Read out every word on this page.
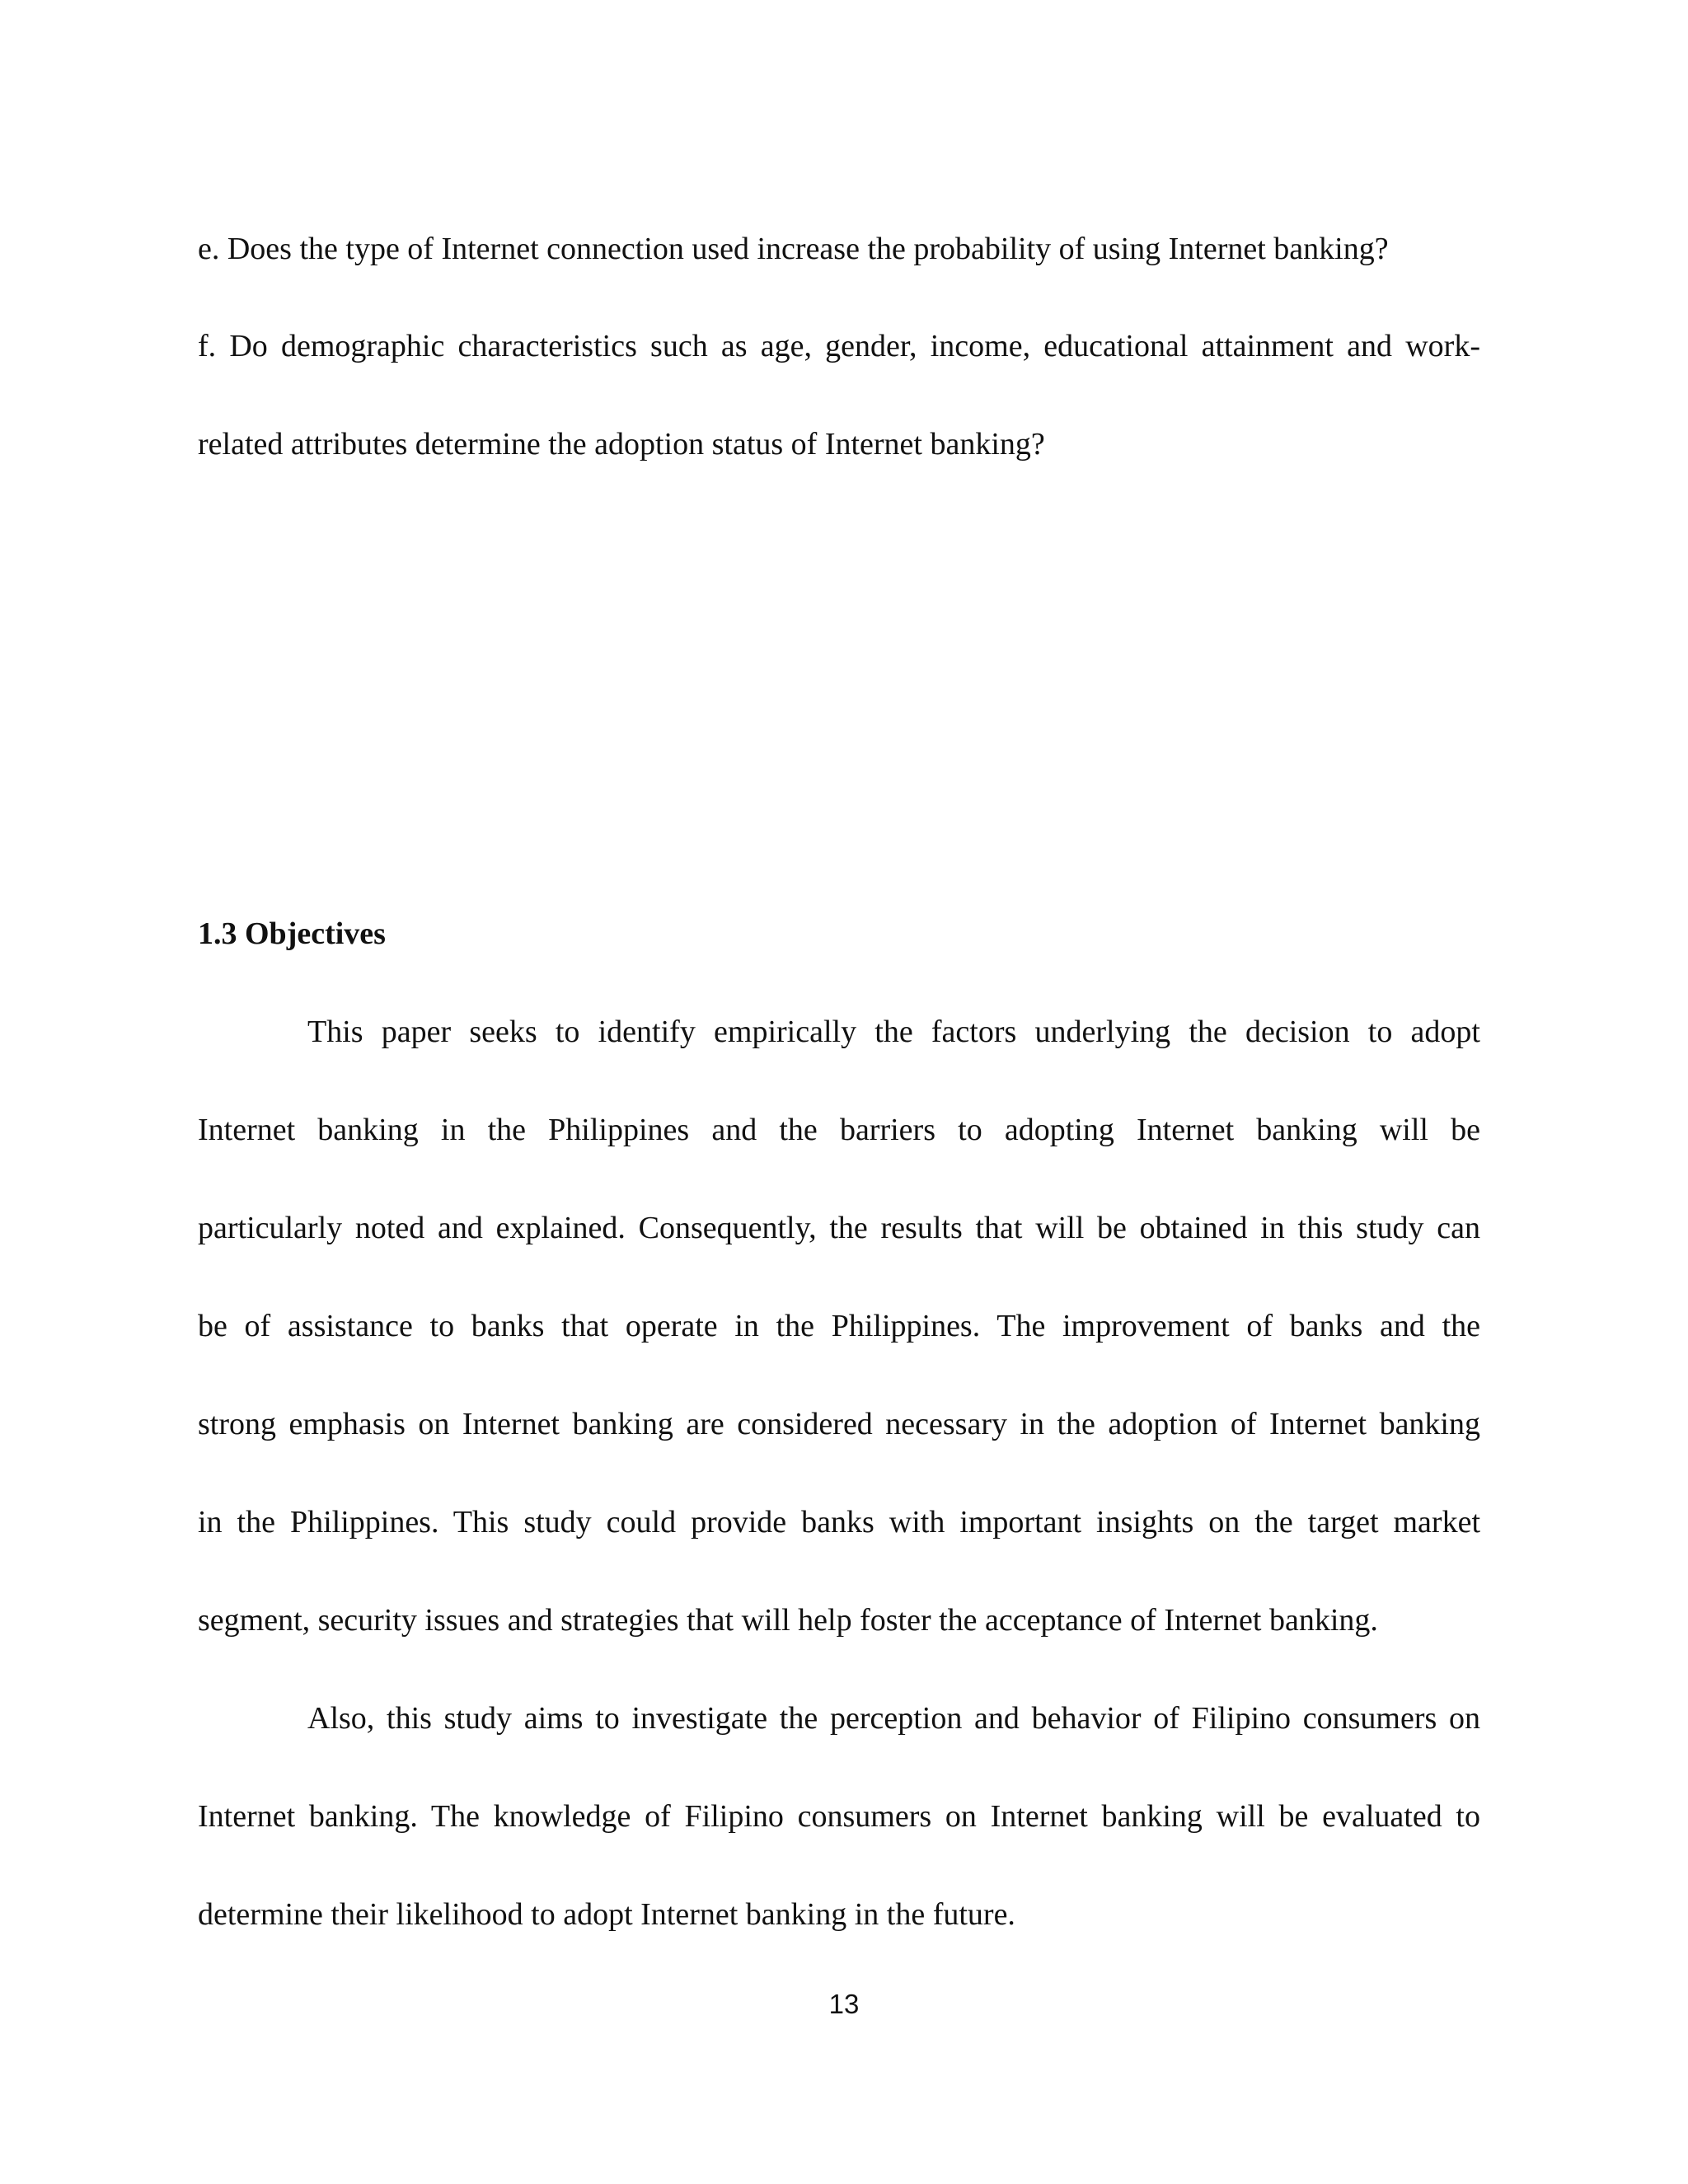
e. Does the type of Internet connection used increase the probability of using Internet banking?
f. Do demographic characteristics such as age, gender, income, educational attainment and work-
related attributes determine the adoption status of Internet banking?
1.3 Objectives
This paper seeks to identify empirically the factors underlying the decision to adopt
Internet banking in the Philippines and the barriers to adopting Internet banking will be
particularly noted and explained. Consequently, the results that will be obtained in this study can
be of assistance to banks that operate in the Philippines. The improvement of banks and the
strong emphasis on Internet banking are considered necessary in the adoption of Internet banking
in the Philippines. This study could provide banks with important insights on the target market
segment, security issues and strategies that will help foster the acceptance of Internet banking.
Also, this study aims to investigate the perception and behavior of Filipino consumers on
Internet banking. The knowledge of Filipino consumers on Internet banking will be evaluated to
determine their likelihood to adopt Internet banking in the future.
13
